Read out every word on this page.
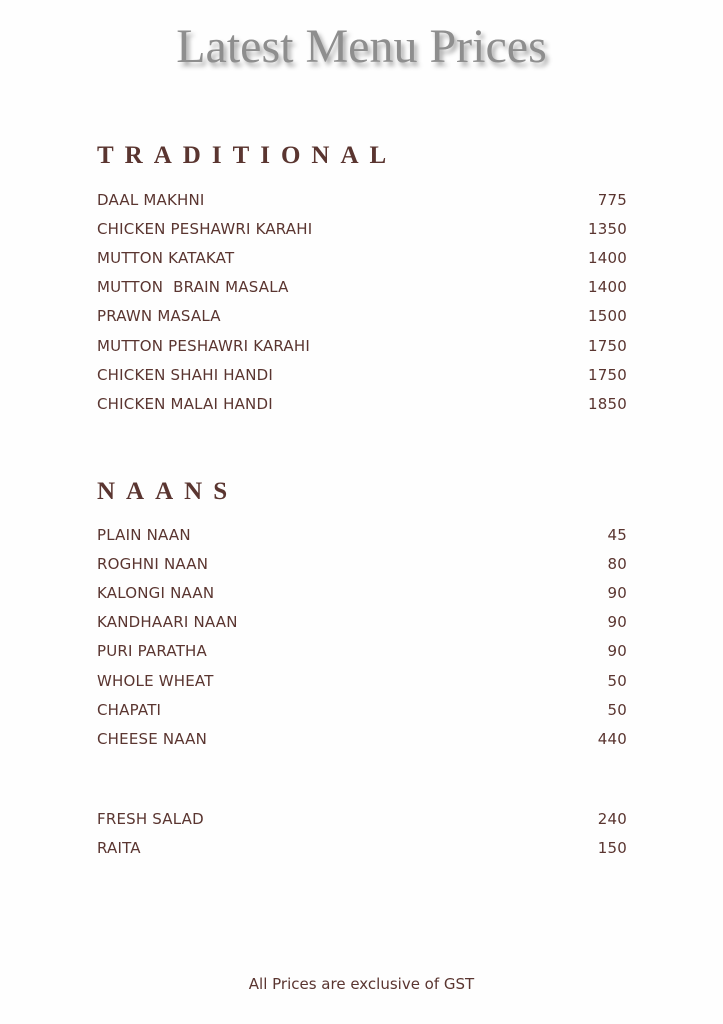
Latest Menu Prices
TRADITIONAL
DAAL MAKHNI	775
CHICKEN PESHAWRI KARAHI	1350
MUTTON KATAKAT	1400
MUTTON  BRAIN MASALA	1400
PRAWN MASALA	1500
MUTTON PESHAWRI KARAHI	1750
CHICKEN SHAHI HANDI	1750
CHICKEN MALAI HANDI	1850
NAANS
PLAIN NAAN	45
ROGHNI NAAN	80
KALONGI NAAN	90
KANDHAARI NAAN	90
PURI PARATHA	90
WHOLE WHEAT	50
CHAPATI	50
CHEESE NAAN	440
FRESH SALAD	240
RAITA	150
All Prices are exclusive of GST
